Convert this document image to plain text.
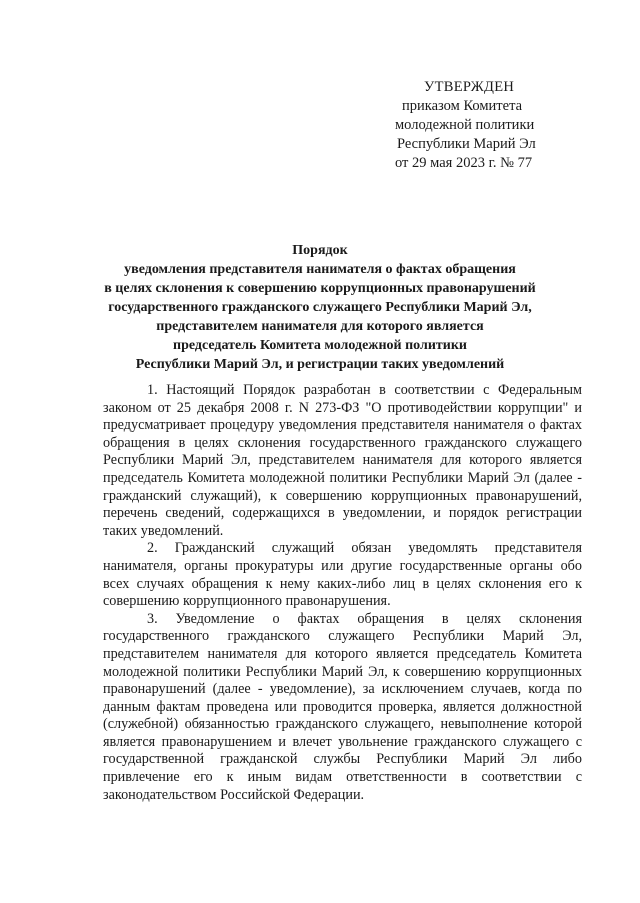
УТВЕРЖДЕН
приказом Комитета
молодежной политики
Республики Марий Эл
от 29 мая 2023 г. № 77
Порядок
уведомления представителя нанимателя о фактах обращения
в целях склонения к совершению коррупционных правонарушений
государственного гражданского служащего Республики Марий Эл,
представителем нанимателя для которого является
председатель Комитета молодежной политики
Республики Марий Эл, и регистрации таких уведомлений

1. Настоящий Порядок разработан в соответствии с Федеральным законом от 25 декабря 2008 г. N 273-ФЗ "О противодействии коррупции" и предусматривает процедуру уведомления представителя нанимателя о фактах обращения в целях склонения государственного гражданского служащего Республики Марий Эл, представителем нанимателя для которого является председатель Комитета молодежной политики Республики Марий Эл (далее - гражданский служащий), к совершению коррупционных правонарушений, перечень сведений, содержащихся в уведомлении, и порядок регистрации таких уведомлений.

2. Гражданский служащий обязан уведомлять представителя нанимателя, органы прокуратуры или другие государственные органы обо всех случаях обращения к нему каких-либо лиц в целях склонения его к совершению коррупционного правонарушения.

3. Уведомление о фактах обращения в целях склонения государственного гражданского служащего Республики Марий Эл, представителем нанимателя для которого является председатель Комитета молодежной политики Республики Марий Эл, к совершению коррупционных правонарушений (далее - уведомление), за исключением случаев, когда по данным фактам проведена или проводится проверка, является должностной (служебной) обязанностью гражданского служащего, невыполнение которой является правонарушением и влечет увольнение гражданского служащего с государственной гражданской службы Республики Марий Эл либо привлечение его к иным видам ответственности в соответствии с законодательством Российской Федерации.
